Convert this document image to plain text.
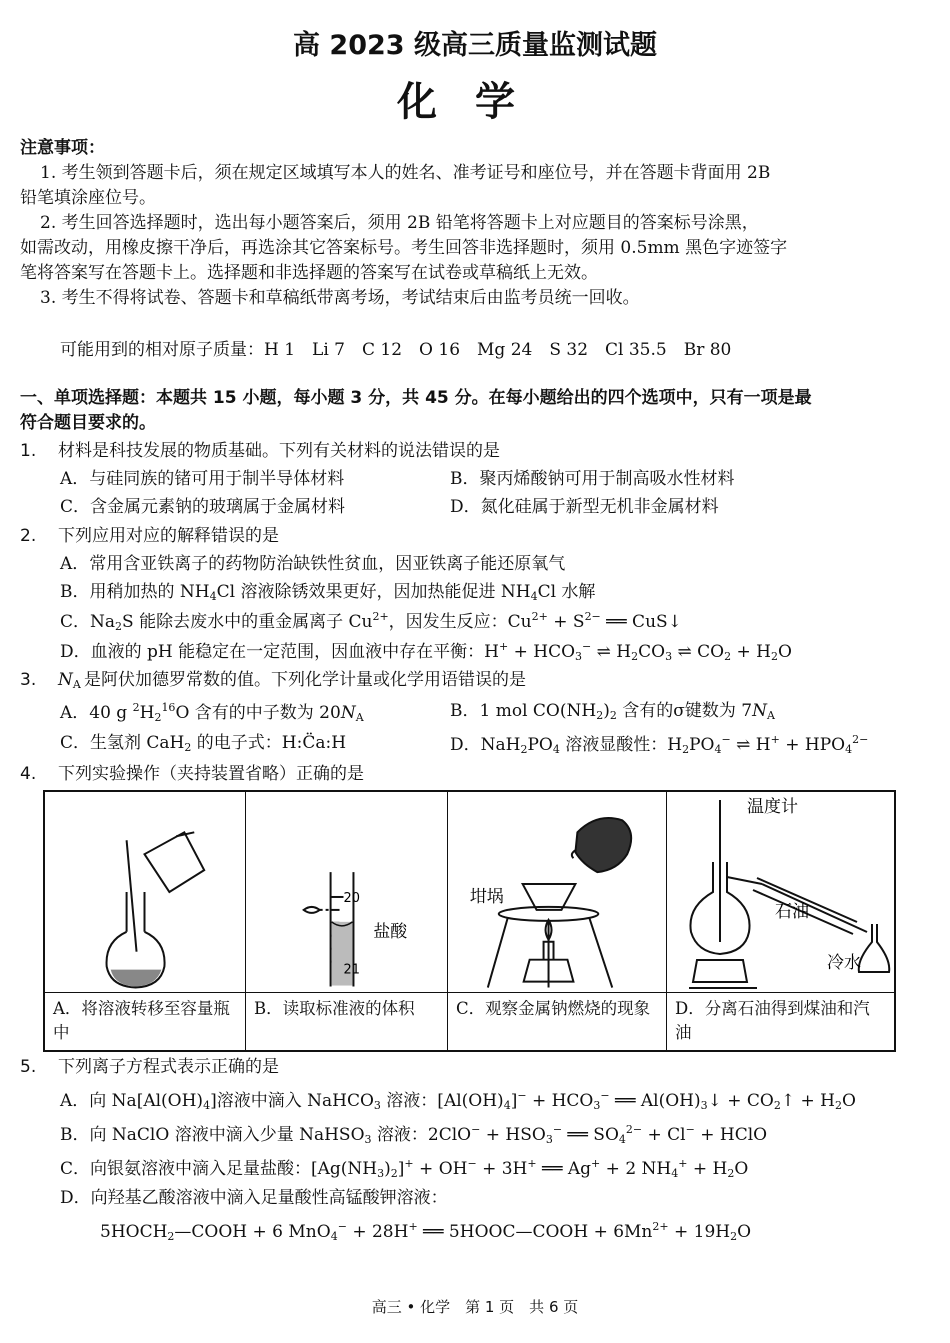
高 2023 级高三质量监测试题
化学
注意事项：
1. 考生领到答题卡后，须在规定区域填写本人的姓名、准考证号和座位号，并在答题卡背面用 2B
铅笔填涂座位号。
2. 考生回答选择题时，选出每小题答案后，须用 2B 铅笔将答题卡上对应题目的答案标号涂黑，
如需改动，用橡皮擦干净后，再选涂其它答案标号。考生回答非选择题时，须用 0.5mm 黑色字迹签字
笔将答案写在答题卡上。选择题和非选择题的答案写在试卷或草稿纸上无效。
3. 考生不得将试卷、答题卡和草稿纸带离考场，考试结束后由监考员统一回收。
可能用到的相对原子质量：H 1　Li 7　C 12　O 16　Mg 24　S 32　Cl 35.5　Br 80
一、单项选择题：本题共 15 小题，每小题 3 分，共 45 分。在每小题给出的四个选项中，只有一项是最
符合题目要求的。
1. 材料是科技发展的物质基础。下列有关材料的说法错误的是
A．与硅同族的锗可用于制半导体材料	B．聚丙烯酸钠可用于制高吸水性材料
C．含金属元素钠的玻璃属于金属材料	D．氮化硅属于新型无机非金属材料
2. 下列应用对应的解释错误的是
A．常用含亚铁离子的药物防治缺铁性贫血，因亚铁离子能还原氧气
B．用稍加热的 $NH_4Cl$ 溶液除锈效果更好，因加热能促进 $NH_4Cl$ 水解
C．$Na_2S$ 能除去废水中的重金属离子 $Cu^{2+}$，因发生反应：$Cu^{2+} + S^{2-}$ ══ CuS↓
D．血液的 pH 能稳定在一定范围，因血液中存在平衡：$H^+ + HCO_3^-$ ⇌ $H_2CO_3$ ⇌ $CO_2 + H_2O$
3. $N_A$ 是阿伏加德罗常数的值。下列化学计量或化学用语错误的是
A．40 g $^2H_2^{16}O$ 含有的中子数为 $20N_A$	B．1 mol $CO(NH_2)_2$ 含有的σ键数为 $7N_A$
C．生氢剂 CaH$_2$ 的电子式：H:C̈a:H	D．$NaH_2PO_4$ 溶液显酸性：$H_2PO_4^-$ ⇌ $H^+ + HPO_4^{2-}$
4. 下列实验操作（夹持装置省略）正确的是
A．将溶液转移至容量瓶中
20
21
盐酸
B．读取标准液的体积
坩埚
C．观察金属钠燃烧的现象
温度计
石油
冷水
D．分离石油得到煤油和汽油
5. 下列离子方程式表示正确的是
A．向 $Na[Al(OH)_4]$溶液中滴入 NaHCO$_3$ 溶液：$[Al(OH)_4]^- + HCO_3^-$ ══ $Al(OH)_3↓$ + $CO_2↑ + H_2O$
B．向 NaClO 溶液中滴入少量 NaHSO$_3$ 溶液：$2ClO^- + HSO_3^-$ ══ $SO_4^{2-} + Cl^-$ + HClO
C．向银氨溶液中滴入足量盐酸：$[Ag(NH_3)_2]^+ + OH^- + 3H^+$ ══ Ag+ + 2 $NH_4^+ + H_2O$
D．向羟基乙酸溶液中滴入足量酸性高锰酸钾溶液：
$5HOCH_2—COOH + 6$ MnO$_4$− + 28H+ ══ 5HOOC—COOH + $6Mn^{2+} + 19H_2O$
高三 • 化学　第 1 页　共 6 页
